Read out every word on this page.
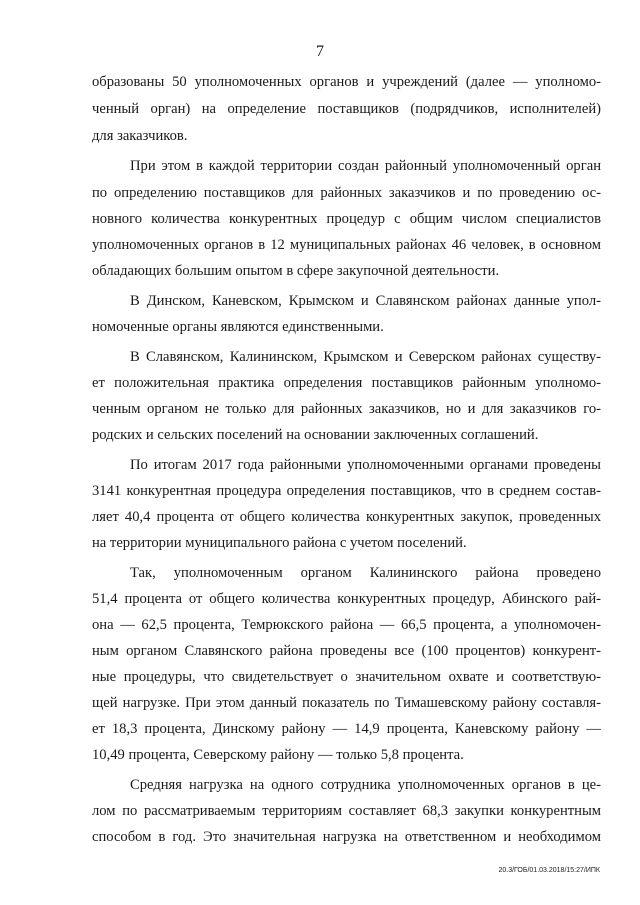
7
образованы 50 уполномоченных органов и учреждений (далее — уполномо-
ченный орган) на определение поставщиков (подрядчиков, исполнителей)
для заказчиков.
При этом в каждой территории создан районный уполномоченный орган
по определению поставщиков для районных заказчиков и по проведению ос-
новного количества конкурентных процедур с общим числом специалистов
уполномоченных органов в 12 муниципальных районах 46 человек, в основном
обладающих большим опытом в сфере закупочной деятельности.
В Динском, Каневском, Крымском и Славянском районах данные упол-
номоченные органы являются единственными.
В Славянском, Калининском, Крымском и Северском районах существу-
ет положительная практика определения поставщиков районным уполномо-
ченным органом не только для районных заказчиков, но и для заказчиков го-
родских и сельских поселений на основании заключенных соглашений.
По итогам 2017 года районными уполномоченными органами проведены
3141 конкурентная процедура определения поставщиков, что в среднем состав-
ляет 40,4 процента от общего количества конкурентных закупок, проведенных
на территории муниципального района с учетом поселений.
Так, уполномоченным органом Калининского района проведено
51,4 процента от общего количества конкурентных процедур, Абинского рай-
она — 62,5 процента, Темрюкского района — 66,5 процента, а уполномочен-
ным органом Славянского района проведены все (100 процентов) конкурент-
ные процедуры, что свидетельствует о значительном охвате и соответствую-
щей нагрузке. При этом данный показатель по Тимашевскому району составля-
ет 18,3 процента, Динскому району — 14,9 процента, Каневскому району —
10,49 процента, Северскому району — только 5,8 процента.
Средняя нагрузка на одного сотрудника уполномоченных органов в це-
лом по рассматриваемым территориям составляет 68,3 закупки конкурентным
способом в год. Это значительная нагрузка на ответственном и необходимом
20.3/ГОБ/01.03.2018/15:27/ИПК
